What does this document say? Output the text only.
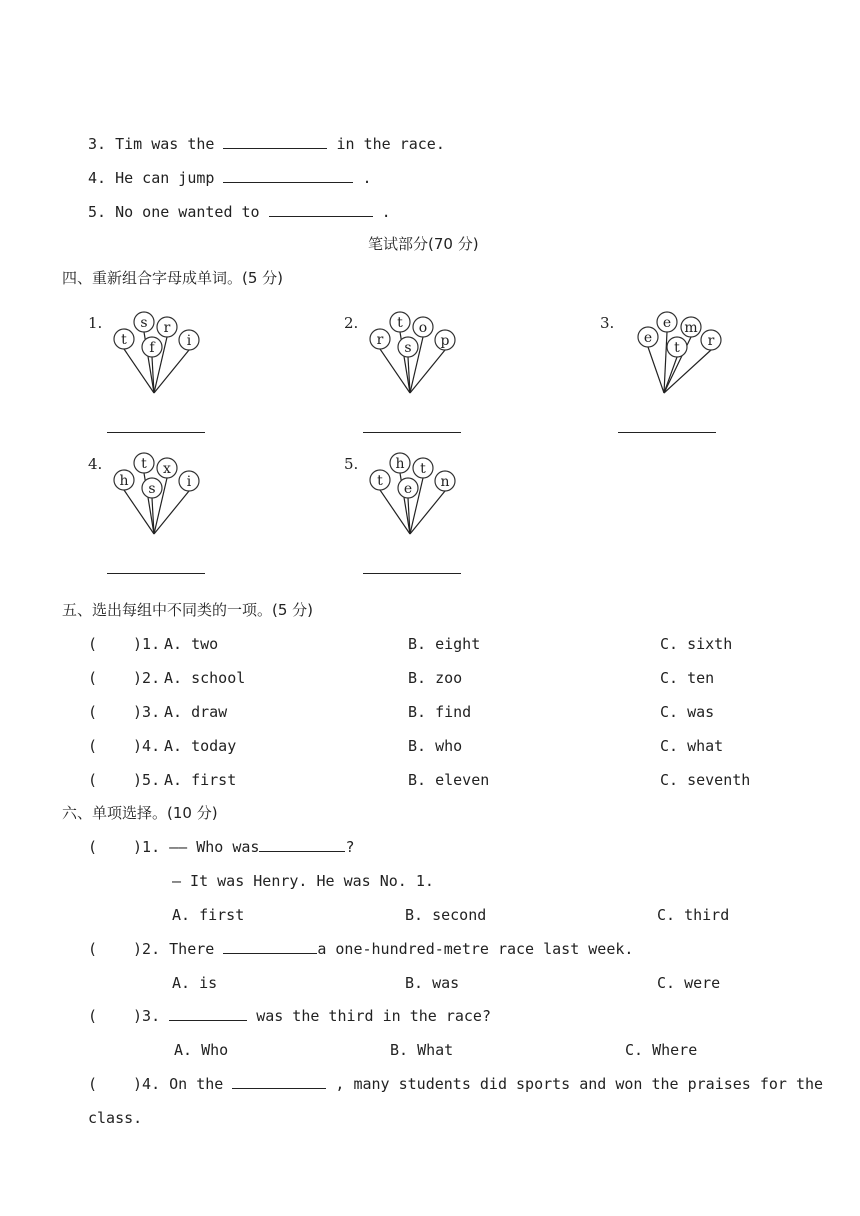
3. Tim was the	in the race.
4. He can jump	.
5. No one wanted to	.
笔试部分(70 分)
四、重新组合字母成单词。(5 分)
五、选出每组中不同类的一项。(5 分)
六、单项选择。(10 分)
( )1. —— Who was	?
— It was Henry. He was No. 1.
A. first	B. second	C. third
( )2. There	a one-hundred-metre race last week.
A. is	B. was	C. were
( )3.	was the third in the race?
A. Who	B. What	C. Where
( )4. On the	, many students did sports and won the praises for the
class.
( )1. A. two	B. eight	C. sixth
( )2. A. school	B. zoo	C. ten
( )3. A. draw	B. find	C. was
( )4. A. today	B. who	C. what
( )5. A. first	B. eleven	C. seventh
1.
t
s r
i
f
2.
r
t o
p
s
3.
e
e m
r
t
4.
h
t x
i
s
5.
t
h t
n
e
